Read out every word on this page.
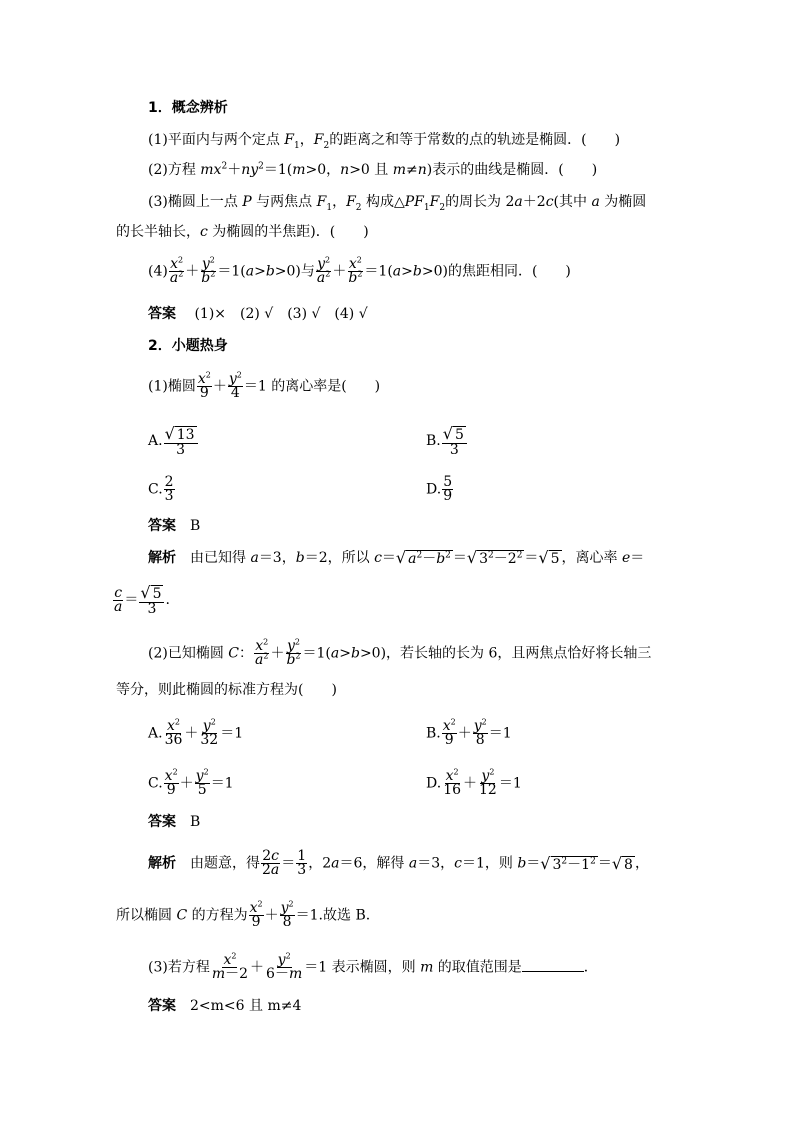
1．概念辨析
(1)平面内与两个定点 $F_1$，$F_2$的距离之和等于常数的点的轨迹是椭圆．(　　)
(2)方程 $mx^2+ny^2=1(m>0$，n>0 且 m≠n)表示的曲线是椭圆．(　　)
(3)椭圆上一点 P 与两焦点 $F_1$，$F_2$ 构成$\triangle PF_1F_2$的周长为 2a＋2c(其中 a 为椭圆
的长半轴长，c 为椭圆的半焦距)．(　　)
$(4) \frac{x^2}{a^2} + \frac{y^2}{b^2} =1(a>b>0)$与 $\frac{y^2}{a^2} + \frac{x^2}{b^2} =1(a>b>0)$的焦距相同．(　　)
答案　 (1)×　(2) √　(3) √　(4) √
2．小题热身
(1)椭圆 $\frac{x^2}{9} + \frac{y^2}{4} =1$ 的离心率是(　　)
A. $\frac{√ 13}{3}$	B. $\frac{√ 5}{3}$
C. $\frac{2}{3}$	D. $\frac{5}{9}$
答案　 B
解析　由已知得 a＝3，b＝2，所以 c＝ √ $a^2-b^2$ ＝ √ $3^2-2^2$ ＝ √ 5 ，离心率 e＝
$\frac{c}{a} = \frac{√ 5}{3}$ .
(2)已知椭圆 C： $\frac{x^2}{a^2} + \frac{y^2}{b^2} =1(a>b>0)$，若长轴的长为 6，且两焦点恰好将长轴三
等分，则此椭圆的标准方程为(　　)
A. $\frac{x^2}{36} + \frac{y^2}{32} =1$	B. $\frac{x^2}{9} + \frac{y^2}{8} =1$
C. $\frac{x^2}{9} + \frac{y^2}{5} =1$	D. $\frac{x^2}{16} + \frac{y^2}{12} =1$
答案　 B
解析　由题意，得 $\frac{2c}{2a} = \frac{1}{3}$ ，2a＝6，解得 a＝3，c＝1，则 b＝ √ $3^2-1^2$ ＝ √ 8 ，
所以椭圆 C 的方程为 $\frac{x^2}{9} + \frac{y^2}{8} =1$.故选 B.
(3)若方程 $\frac{x^2}{m-2} + \frac{y^2}{6-m} =1$ 表示椭圆，则 m 的取值范围是	．
答案　 2<m<6 且 m≠4
